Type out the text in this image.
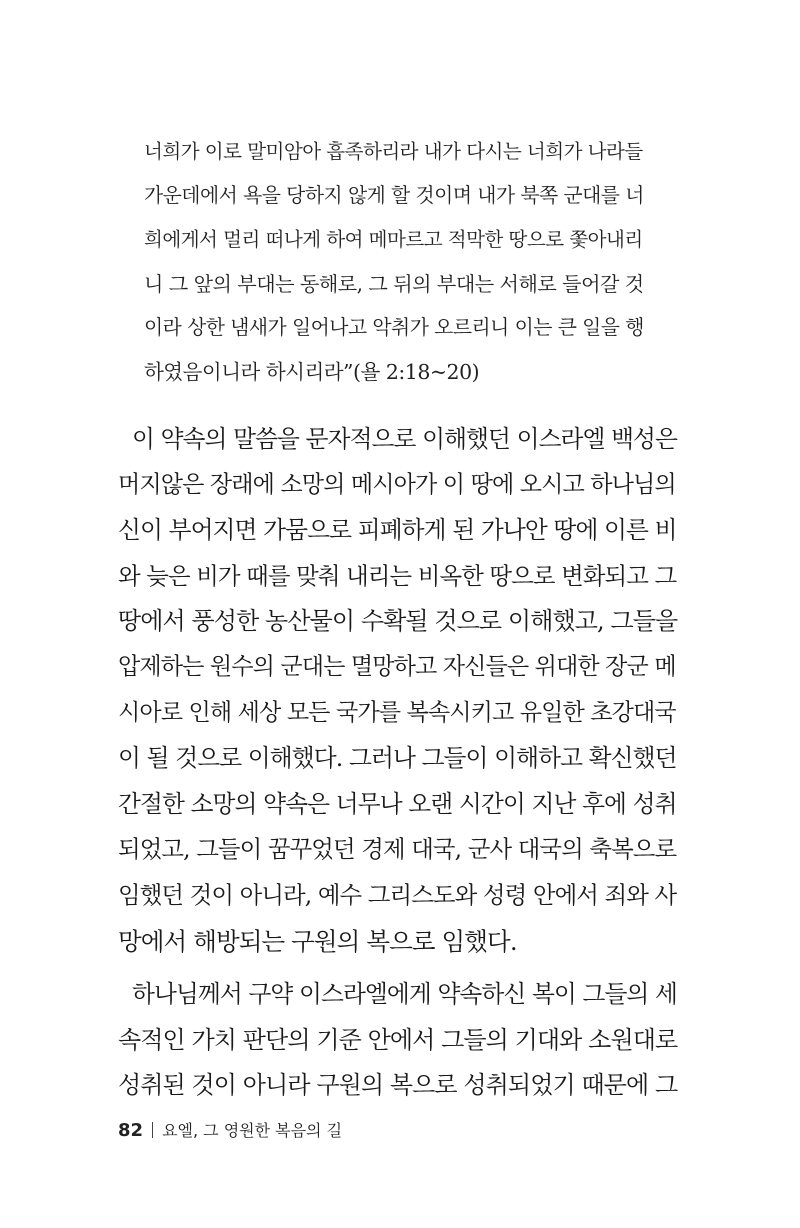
너희가 이로 말미암아 흡족하리라 내가 다시는 너희가 나라들
가운데에서 욕을 당하지 않게 할 것이며 내가 북쪽 군대를 너
희에게서 멀리 떠나게 하여 메마르고 적막한 땅으로 쫓아내리
니 그 앞의 부대는 동해로, 그 뒤의 부대는 서해로 들어갈 것
이라 상한 냄새가 일어나고 악취가 오르리니 이는 큰 일을 행
하였음이니라 하시리라”(욜 2:18~20)
이 약속의 말씀을 문자적으로 이해했던 이스라엘 백성은
머지않은 장래에 소망의 메시아가 이 땅에 오시고 하나님의
신이 부어지면 가뭄으로 피폐하게 된 가나안 땅에 이른 비
와 늦은 비가 때를 맞춰 내리는 비옥한 땅으로 변화되고 그
땅에서 풍성한 농산물이 수확될 것으로 이해했고, 그들을
압제하는 원수의 군대는 멸망하고 자신들은 위대한 장군 메
시아로 인해 세상 모든 국가를 복속시키고 유일한 초강대국
이 될 것으로 이해했다. 그러나 그들이 이해하고 확신했던
간절한 소망의 약속은 너무나 오랜 시간이 지난 후에 성취
되었고, 그들이 꿈꾸었던 경제 대국, 군사 대국의 축복으로
임했던 것이 아니라, 예수 그리스도와 성령 안에서 죄와 사
망에서 해방되는 구원의 복으로 임했다.
하나님께서 구약 이스라엘에게 약속하신 복이 그들의 세
속적인 가치 판단의 기준 안에서 그들의 기대와 소원대로
성취된 것이 아니라 구원의 복으로 성취되었기 때문에 그
82 요엘, 그 영원한 복음의 길
